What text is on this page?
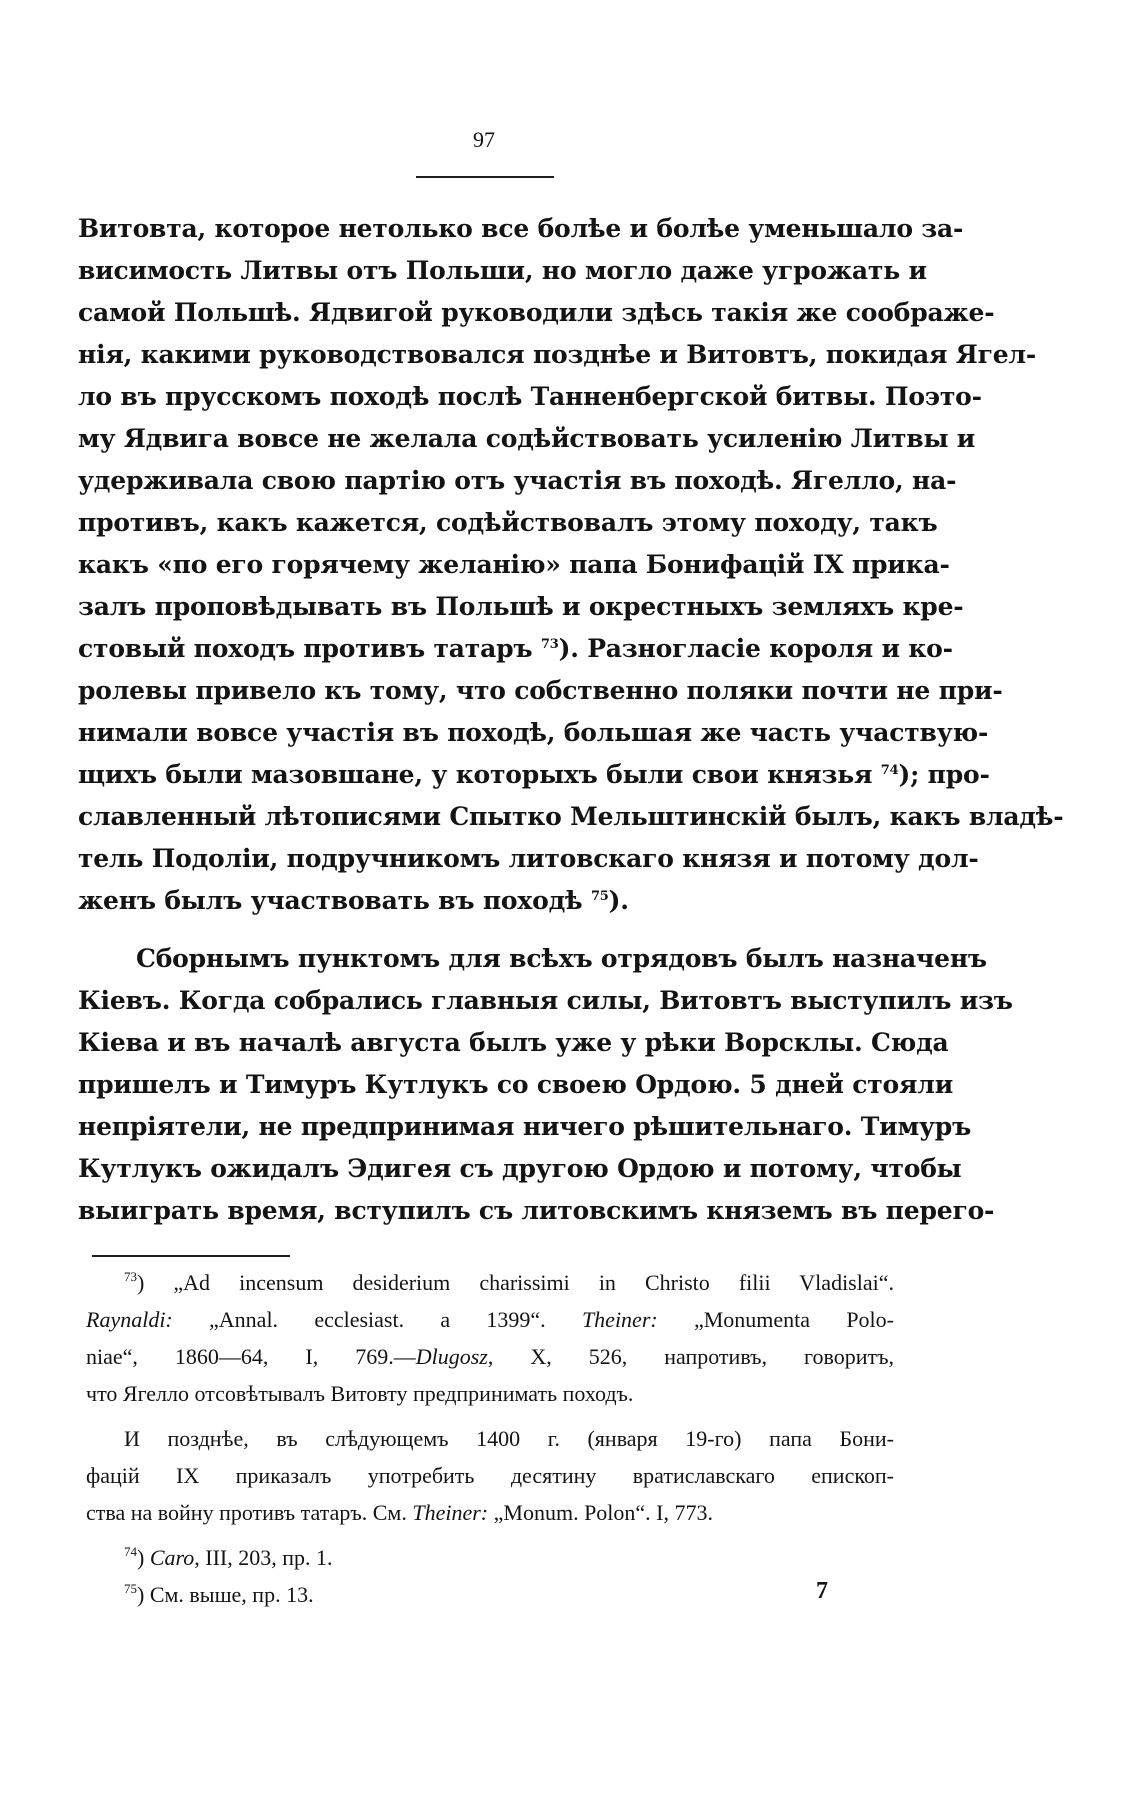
97
Витовта, которое нетолько все болѣе и болѣе уменьшало за-
висимость Литвы отъ Польши, но могло даже угрожать и
самой Польшѣ. Ядвигой руководили здѣсь такія же соображе-
нія, какими руководствовался позднѣе и Витовтъ, покидая Ягел-
ло въ прусскомъ походѣ послѣ Танненбергской битвы. Поэто-
му Ядвига вовсе не желала содѣйствовать усиленію Литвы и
удерживала свою партію отъ участія въ походѣ. Ягелло, на-
противъ, какъ кажется, содѣйствовалъ этому походу, такъ
какъ «по его горячему желанію» папа Бонифацій IX прика-
залъ проповѣдывать въ Польшѣ и окрестныхъ земляхъ кре-
стовый походъ противъ татаръ $^{73}$). Разногласіе короля и ко-
ролевы привело къ тому, что собственно поляки почти не при-
нимали вовсе участія въ походѣ, большая же часть участвую-
щихъ были мазовшане, у которыхъ были свои князья $^{74}$); про-
славленный лѣтописями Спытко Мельштинскій былъ, какъ владѣ-
тель Подоліи, подручникомъ литовскаго князя и потому дол-
женъ былъ участвовать въ походѣ $^{75}$).
Сборнымъ пунктомъ для всѣхъ отрядовъ былъ назначенъ
Кіевъ. Когда собрались главныя силы, Витовтъ выступилъ изъ
Кіева и въ началѣ августа былъ уже у рѣки Ворсклы. Сюда
пришелъ и Тимуръ Кутлукъ со своею Ордою. 5 дней стояли
непріятели, не предпринимая ничего рѣшительнаго. Тимуръ
Кутлукъ ожидалъ Эдигея съ другою Ордою и потому, чтобы
выиграть время, вступилъ съ литовскимъ княземъ въ перего-
$^{73}$) „Ad incensum desiderium charissimi in Christo filii Vladislai“.
Raynaldi: „Annal. ecclesiast. a 1399“. Theiner: „Monumenta Polo-
niae“, 1860—64, I, 769.—Dlugosz, X, 526, напротивъ, говоритъ,
что Ягелло отсовѣтывалъ Витовту предпринимать походъ.
И позднѣе, въ слѣдующемъ 1400 г. (января 19-го) папа Бони-
фацій IX приказалъ употребить десятину вратиславскаго епископ-
ства на войну противъ татаръ. См. Theiner: „Monum. Polon“. I, 773.
$^{74}$) Caro, III, 203, пр. 1.
$^{75}$) См. выше, пр. 13.	7
